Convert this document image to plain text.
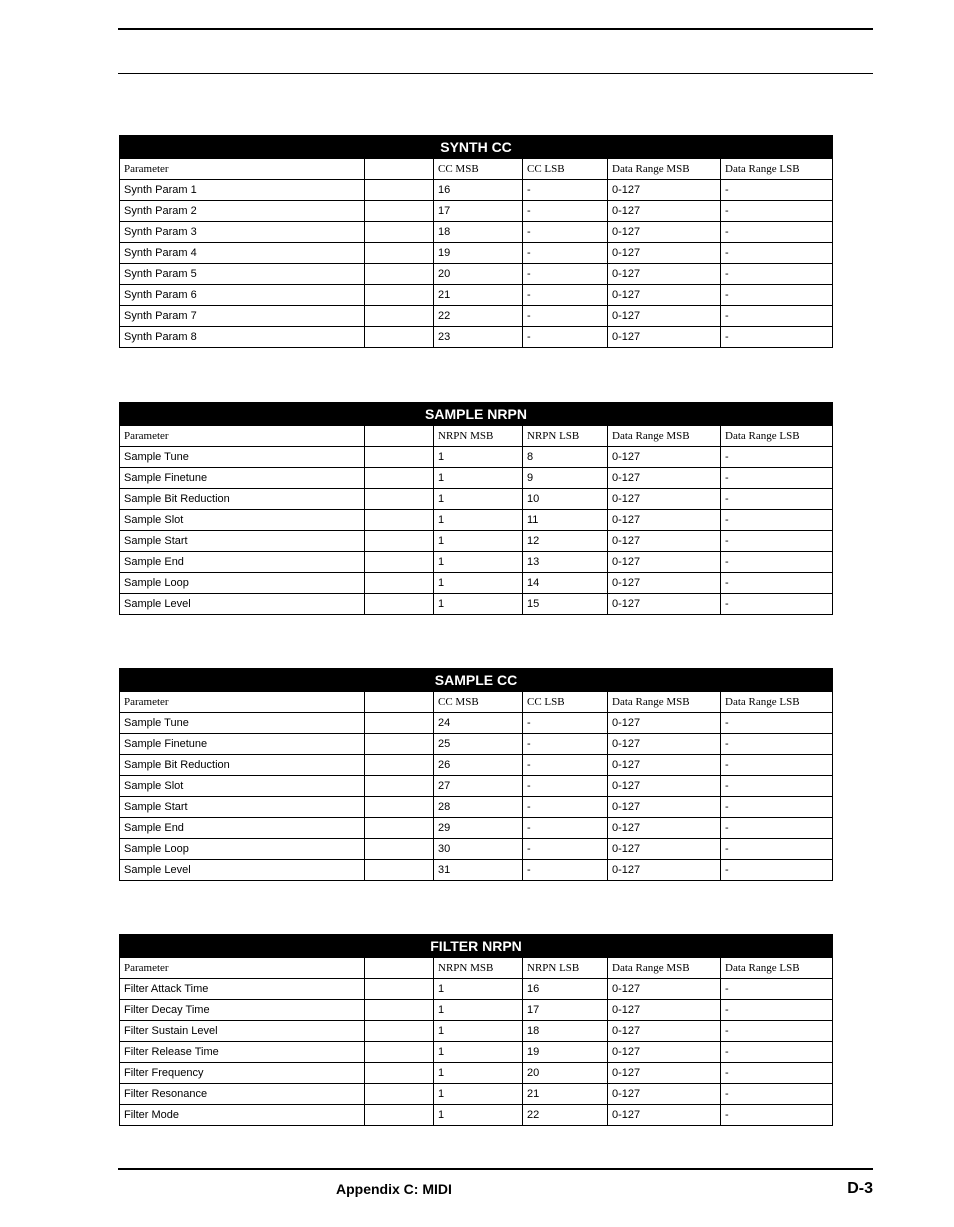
SYNTH CC					
Parameter		CC MSB	CC LSB	Data Range MSB	Data Range LSB
Synth Param 1		16	-	0-127	-
Synth Param 2		17	-	0-127	-
Synth Param 3		18	-	0-127	-
Synth Param 4		19	-	0-127	-
Synth Param 5		20	-	0-127	-
Synth Param 6		21	-	0-127	-
Synth Param 7		22	-	0-127	-
Synth Param 8		23	-	0-127	-
SAMPLE NRPN					
Parameter		NRPN MSB	NRPN LSB	Data Range MSB	Data Range LSB
Sample Tune		1	8	0-127	-
Sample Finetune		1	9	0-127	-
Sample Bit Reduction		1	10	0-127	-
Sample Slot		1	11	0-127	-
Sample Start		1	12	0-127	-
Sample End		1	13	0-127	-
Sample Loop		1	14	0-127	-
Sample Level		1	15	0-127	-
SAMPLE CC					
Parameter		CC MSB	CC LSB	Data Range MSB	Data Range LSB
Sample Tune		24	-	0-127	-
Sample Finetune		25	-	0-127	-
Sample Bit Reduction		26	-	0-127	-
Sample Slot		27	-	0-127	-
Sample Start		28	-	0-127	-
Sample End		29	-	0-127	-
Sample Loop		30	-	0-127	-
Sample Level		31	-	0-127	-
FILTER NRPN					
Parameter		NRPN MSB	NRPN LSB	Data Range MSB	Data Range LSB
Filter Attack Time		1	16	0-127	-
Filter Decay Time		1	17	0-127	-
Filter Sustain Level		1	18	0-127	-
Filter Release Time		1	19	0-127	-
Filter Frequency		1	20	0-127	-
Filter Resonance		1	21	0-127	-
Filter Mode		1	22	0-127	-
Appendix C: MIDI	D-3
